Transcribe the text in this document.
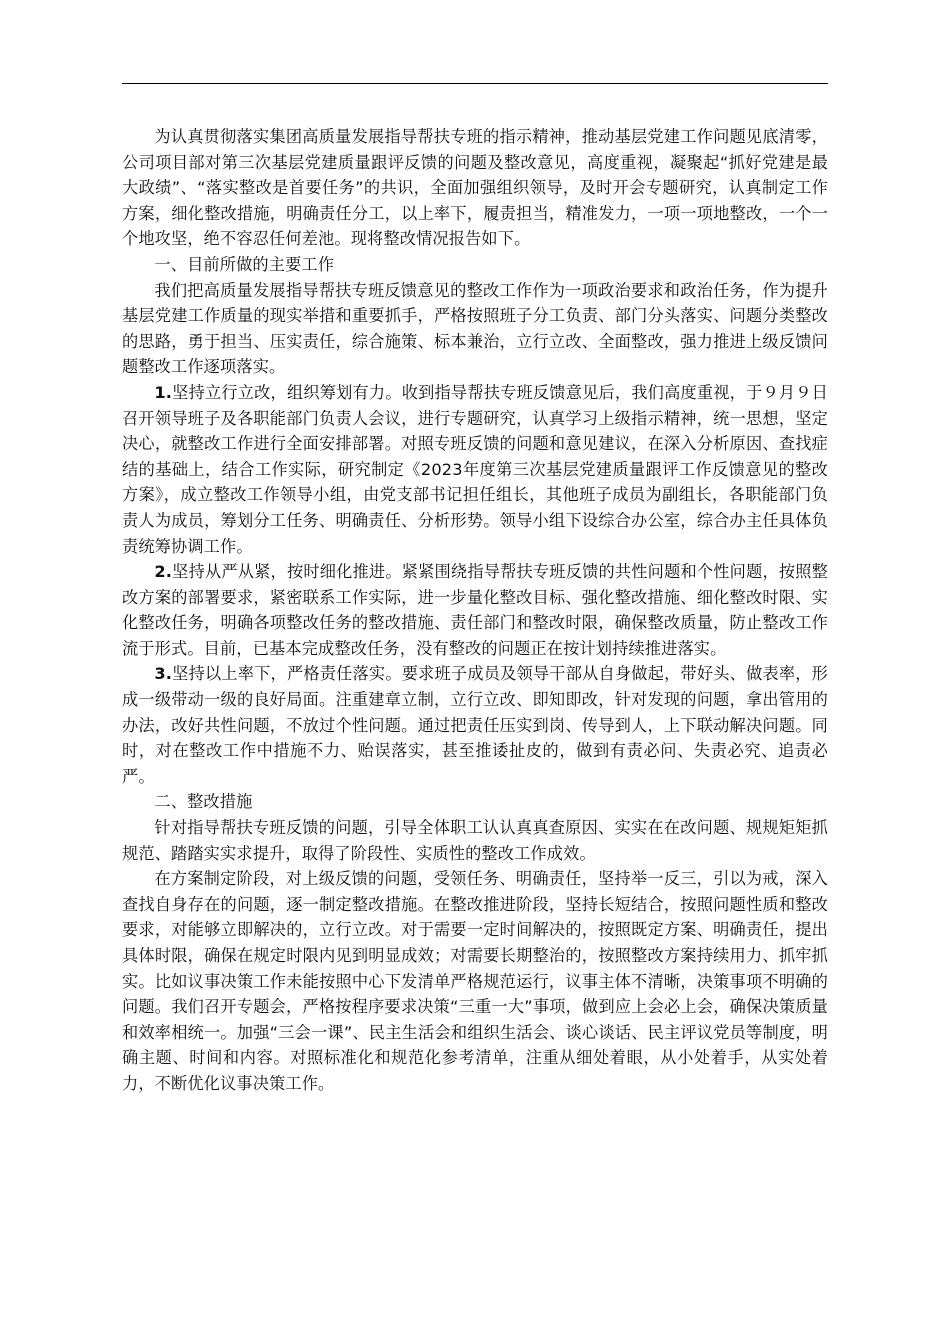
为认真贯彻落实集团高质量发展指导帮扶专班的指示精神，推动基层党建工作问题见底清零，公司项目部对第三次基层党建质量跟评反馈的问题及整改意见，高度重视，凝聚起“抓好党建是最大政绩”、“落实整改是首要任务”的共识，全面加强组织领导，及时开会专题研究，认真制定工作方案，细化整改措施，明确责任分工，以上率下，履责担当，精准发力，一项一项地整改，一个一个地攻坚，绝不容忍任何差池。现将整改情况报告如下。

一、目前所做的主要工作

我们把高质量发展指导帮扶专班反馈意见的整改工作作为一项政治要求和政治任务，作为提升基层党建工作质量的现实举措和重要抓手，严格按照班子分工负责、部门分头落实、问题分类整改的思路，勇于担当、压实责任，综合施策、标本兼治，立行立改、全面整改，强力推进上级反馈问题整改工作逐项落实。

1.坚持立行立改，组织筹划有力。收到指导帮扶专班反馈意见后，我们高度重视，于９月９日召开领导班子及各职能部门负责人会议，进行专题研究，认真学习上级指示精神，统一思想，坚定决心，就整改工作进行全面安排部署。对照专班反馈的问题和意见建议，在深入分析原因、查找症结的基础上，结合工作实际，研究制定《2023年度第三次基层党建质量跟评工作反馈意见的整改方案》，成立整改工作领导小组，由党支部书记担任组长，其他班子成员为副组长，各职能部门负责人为成员，筹划分工任务、明确责任、分析形势。领导小组下设综合办公室，综合办主任具体负责统筹协调工作。

2.坚持从严从紧，按时细化推进。紧紧围绕指导帮扶专班反馈的共性问题和个性问题，按照整改方案的部署要求，紧密联系工作实际，进一步量化整改目标、强化整改措施、细化整改时限、实化整改任务，明确各项整改任务的整改措施、责任部门和整改时限，确保整改质量，防止整改工作流于形式。目前，已基本完成整改任务，没有整改的问题正在按计划持续推进落实。

3.坚持以上率下，严格责任落实。要求班子成员及领导干部从自身做起，带好头、做表率，形成一级带动一级的良好局面。注重建章立制，立行立改、即知即改，针对发现的问题，拿出管用的办法，改好共性问题，不放过个性问题。通过把责任压实到岗、传导到人，上下联动解决问题。同时，对在整改工作中措施不力、贻误落实，甚至推诿扯皮的，做到有责必问、失责必究、追责必严。

二、整改措施

针对指导帮扶专班反馈的问题，引导全体职工认认真真查原因、实实在在改问题、规规矩矩抓规范、踏踏实实求提升，取得了阶段性、实质性的整改工作成效。

在方案制定阶段，对上级反馈的问题，受领任务、明确责任，坚持举一反三，引以为戒，深入查找自身存在的问题，逐一制定整改措施。在整改推进阶段，坚持长短结合，按照问题性质和整改要求，对能够立即解决的，立行立改。对于需要一定时间解决的，按照既定方案、明确责任，提出具体时限，确保在规定时限内见到明显成效；对需要长期整治的，按照整改方案持续用力、抓牢抓实。比如议事决策工作未能按照中心下发清单严格规范运行，议事主体不清晰，决策事项不明确的问题。我们召开专题会，严格按程序要求决策“三重一大”事项，做到应上会必上会，确保决策质量和效率相统一。加强“三会一课”、民主生活会和组织生活会、谈心谈话、民主评议党员等制度，明确主题、时间和内容。对照标准化和规范化参考清单，注重从细处着眼，从小处着手，从实处着力，不断优化议事决策工作。
